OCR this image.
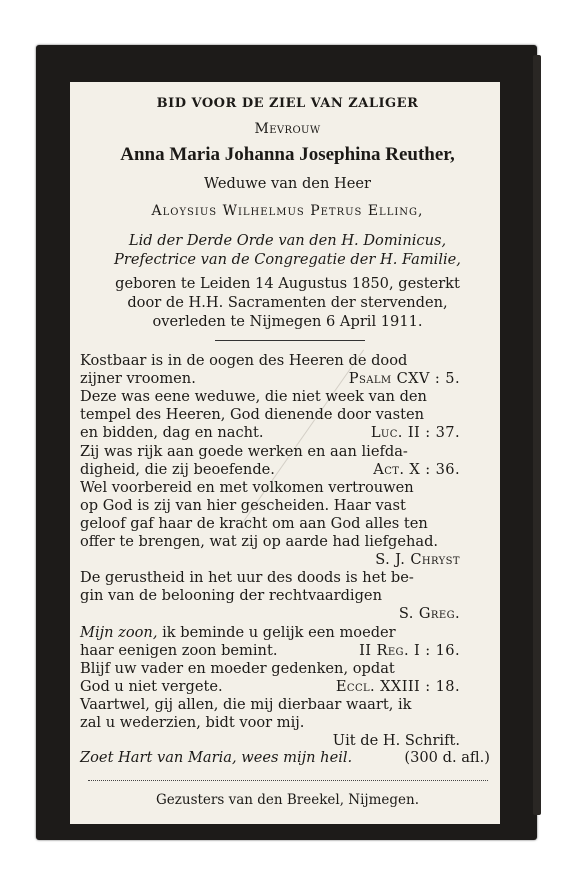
BID VOOR DE ZIEL VAN ZALIGER
Mevrouw
Anna Maria Johanna Josephina Reuther,
Weduwe van den Heer
Aloysius Wilhelmus Petrus Elling,
Lid der Derde Orde van den H. Dominicus,
Prefectrice van de Congregatie der H. Familie,
geboren te Leiden 14 Augustus 1850, gesterkt
door de H.H. Sacramenten der stervenden,
overleden te Nijmegen 6 April 1911.
Kostbaar is in de oogen des Heeren de dood
zijner vroomen.	Psalm CXV : 5.
Deze was eene weduwe, die niet week van den
tempel des Heeren, God dienende door vasten
en bidden, dag en nacht.	Luc. II : 37.
Zij was rijk aan goede werken en aan liefda-
digheid, die zij beoefende.	Act. X : 36.
Wel voorbereid en met volkomen vertrouwen
op God is zij van hier gescheiden. Haar vast
geloof gaf haar de kracht om aan God alles ten
offer te brengen, wat zij op aarde had liefgehad.
S. J. Chryst
De gerustheid in het uur des doods is het be-
gin van de belooning der rechtvaardigen
S. Greg.
Mijn zoon, ik beminde u gelijk een moeder
haar eenigen zoon bemint.	II Reg. I : 16.
Blijf uw vader en moeder gedenken, opdat
God u niet vergete.	Eccl. XXIII : 18.
Vaartwel, gij allen, die mij dierbaar waart, ik
zal u wederzien, bidt voor mij.
Uit de H. Schrift.
Zoet Hart van Maria, wees mijn heil.	(300 d. afl.)
Gezusters van den Breekel, Nijmegen.
